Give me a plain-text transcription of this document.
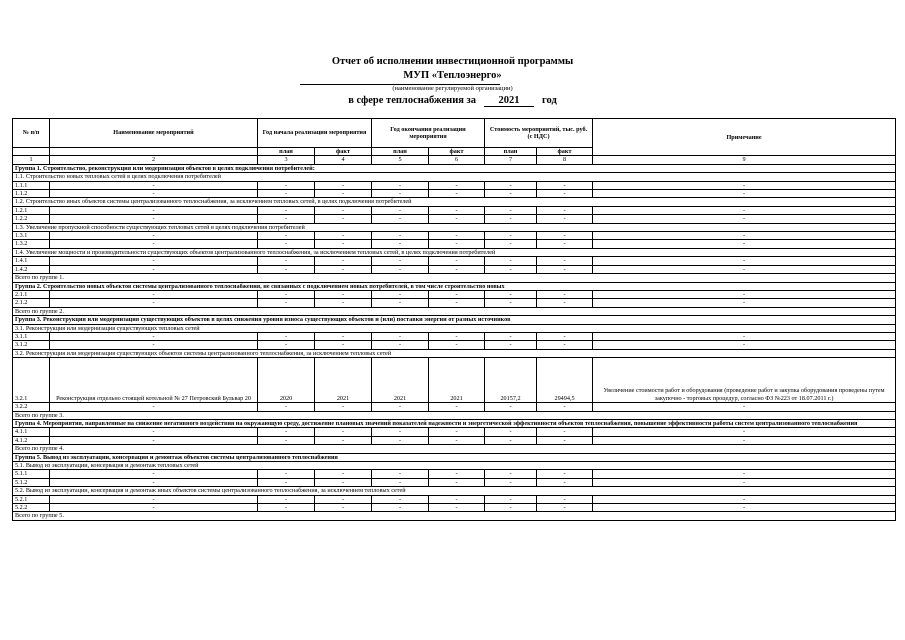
Отчет об исполнении инвестиционной программы
МУП «Теплоэнерго»
(наименование регулируемой организации)
в сфере теплоснабжения за 2021 год
№ п/п	Наименование мероприятий	Год начала реализации мероприятия		Год окончания реализации мероприятия		Стоимость мероприятий, тыс. руб. (с НДС)		Примечание

		план	факт	план	факт	план	факт	
1	2	3	4	5	6	7	8	9
Группа 1. Строительство, реконструкция или модернизация объектов в целях подключения потребителей:								
1.1. Строительство новых тепловых сетей в целях подключения потребителей								
1.1.1	-	-	-	-	-	-	-	-
1.1.2	-	-	-	-	-	-	-	-
1.2. Строительство иных объектов системы централизованного теплоснабжения, за исключением тепловых сетей, в целях подключения потребителей								
1.2.1	-	-	-	-	-	-	-	-
1.2.2	-	-	-	-	-	-	-	-
1.3. Увеличение пропускной способности существующих тепловых сетей в целях подключения потребителей								
1.3.1	-	-	-	-	-	-	-	-
1.3.2	-	-	-	-	-	-	-	-
1.4. Увеличение мощности и производительности существующих объектов централизованного теплоснабжения, за исключением тепловых сетей, в целях подключения потребителей								
1.4.1	-	-	-	-	-	-	-	-
1.4.2	-	-	-	-	-	-	-	-
Всего по группе 1.								
Группа 2. Строительство новых объектов системы централизованного теплоснабжения, не связанных с подключением новых потребителей, в том числе строительство новых								
2.1.1	-	-	-	-	-	-	-	-
2.1.2	-	-	-	-	-	-	-	-
Всего по группе 2.								
Группа 3. Реконструкция или модернизация существующих объектов в целях снижения уровня износа существующих объектов и (или) поставки энергии от разных источников								
3.1. Реконструкция или модернизация существующих тепловых сетей								
3.1.1	-	-	-	-	-	-	-	-
3.1.2	-	-	-	-	-	-	-	-
3.2. Реконструкция или модернизация существующих объектов системы централизованного теплоснабжения, за исключением тепловых сетей								
3.2.1	Реконструкция отдельно стоящей котельной № 27 Петровский Бульвар 20	2020	2021	2021	2021	20157,2	29494,5	Увеличение стоимости работ и оборудования (проведение работ и закупка оборудования проведены путем закупочно - торговых процедур, согласно ФЗ №223 от 18.07.2011 г.)
3.2.2	-	-	-	-	-	-	-	-
Всего по группе 3.								
Группа 4. Мероприятия, направленные на снижение негативного воздействия на окружающую среду, достижение плановых значений показателей надежности и энергетической эффективности объектов теплоснабжения, повышение эффективности работы систем централизованного теплоснабжения								
4.1.1	-	-	-	-	-	-	-	-
4.1.2	-	-	-	-	-	-	-	-
Всего по группе 4.								
Группа 5. Вывод из эксплуатации, консервация и демонтаж объектов системы централизованного теплоснабжения								
5.1. Вывод из эксплуатации, консервация и демонтаж тепловых сетей								
5.1.1	-	-	-	-	-	-	-	-
5.1.2	-	-	-	-	-	-	-	-
5.2. Вывод из эксплуатации, консервация и демонтаж иных объектов системы централизованного теплоснабжения, за исключением тепловых сетей								
5.2.1	-	-	-	-	-	-	-	-
5.2.2	-	-	-	-	-	-	-	-
Всего по группе 5.								
